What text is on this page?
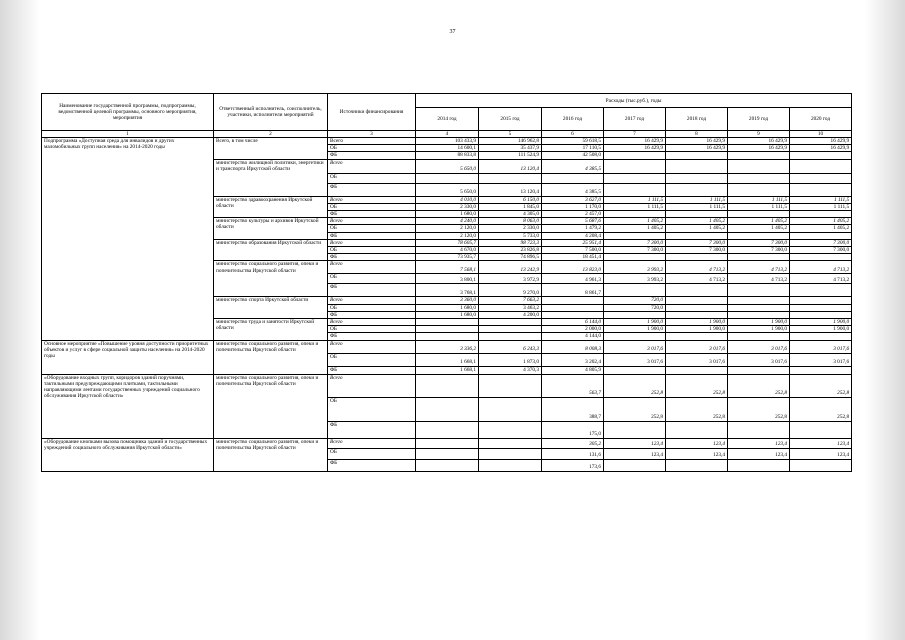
37
Наименование государственной программы, подпрограммы, ведомственной целевой программы, основного мероприятия, мероприятия	Ответственный исполнитель, соисполнитель, участники, исполнители мероприятий	Источники финансирования	Расходы (тыс.руб.), годы						
			2014 год	2015 год	2016 год	2017 год	2018 год	2019 год	2020 год
1	2	3	4	5	6	7	8	9	10
Подпрограмма «Доступная среда для инвалидов и других маломобильных групп населения» на 2014-2020 годы	Всего, в том числе	Всего	103 433,9	146 962,8	59 618,5	16 429,9	16 429,9	16 429,9	16 429,9
		ОБ	14 600,1	35 437,9	17 110,5	16 429,9	16 429,9	16 429,9	16 429,9
		ФБ	88 833,8	111 524,9	42 508,0				
	министерство жилищной политики, энергетики и транспорта Иркутской области	Всего	5 650,0	13 120,4	4 385,5				
		ОБ							
		ФБ	5 650,0	13 120,4	4 385,5				
	министерство здравоохранения Иркутской области	Всего	4 010,0	6 150,0	3 627,0	1 111,5	1 111,5	1 111,5	1 111,5
		ОБ	2 330,0	1 845,0	1 170,0	1 111,5	1 111,5	1 111,5	1 111,5
		ФБ	1 680,0	4 305,0	2 457,0				
	министерство культуры и архивов Иркутской области	Всего	4 240,0	8 063,0	5 687,6	1 405,2	1 405,2	1 405,2	1 405,2
		ОБ	2 120,0	2 330,0	1 479,2	1 405,2	1 405,2	1 405,2	1 405,2
		ФБ	2 120,0	5 733,0	4 208,4				
	министерство образования Иркутской области	Всего	78 605,7	98 723,3	25 951,4	7 300,0	7 300,0	7 300,0	7 300,0
		ОБ	4 670,0	23 826,8	7 500,0	7 300,0	7 300,0	7 300,0	7 300,0
		ФБ	73 935,7	74 896,5	18 451,4				
	министерство социального развития, опеки и попечительства Иркутской области	Всего	7 568,1	13 242,9	13 823,0	3 993,2	4 713,2	4 713,2	4 713,2
		ОБ	3 800,1	3 972,9	4 961,3	3 993,2	4 713,2	4 713,2	4 713,2
		ФБ	3 768,1	9 270,0	8 861,7				
	министерство спорта Иркутской области	Всего	3 360,0	7 663,2		720,0			
		ОБ	1 680,0	3 463,2		720,0			
		ФБ	1 680,0	4 200,0					
	министерство труда и занятости Иркутской области	Всего			6 144,0	1 900,0	1 900,0	1 900,0	1 900,0
		ОБ			2 000,0	1 900,0	1 900,0	1 900,0	1 900,0
		ФБ			4 144,0				
Основное мероприятие «Повышение уровня доступности приоритетных объектов и услуг в сфере социальной защиты населения» на 2014-2020 годы	министерство социального развития, опеки и попечительства Иркутской области	Всего	3 336,2	6 243,3	8 008,3	3 017,6	3 017,6	3 017,6	3 017,6
		ОБ	1 668,1	1 873,0	3 202,4	3 017,6	3 017,6	3 017,6	3 017,6
		ФБ	1 668,1	4 370,3	4 805,9				
«Оборудование входных групп, коридоров зданий поручнями, тактильными предупреждающими плитками, тактильными направляющими лентами государственных учреждений социального обслуживания Иркутской области»	министерство социального развития, опеки и попечительства Иркутской области	Всего			563,7	252,8	252,8	252,8	252,8
		ОБ			388,7	252,8	252,8	252,8	252,8
		ФБ			175,0				
«Оборудование кнопками вызова помощника зданий и государственных учреждений социального обслуживания Иркутской области»	министерство социального развития, опеки и попечительства Иркутской области	Всего			305,2	123,4	123,4	123,4	123,4
		ОБ			131,6	123,4	123,4	123,4	123,4
		ФБ			173,6				
